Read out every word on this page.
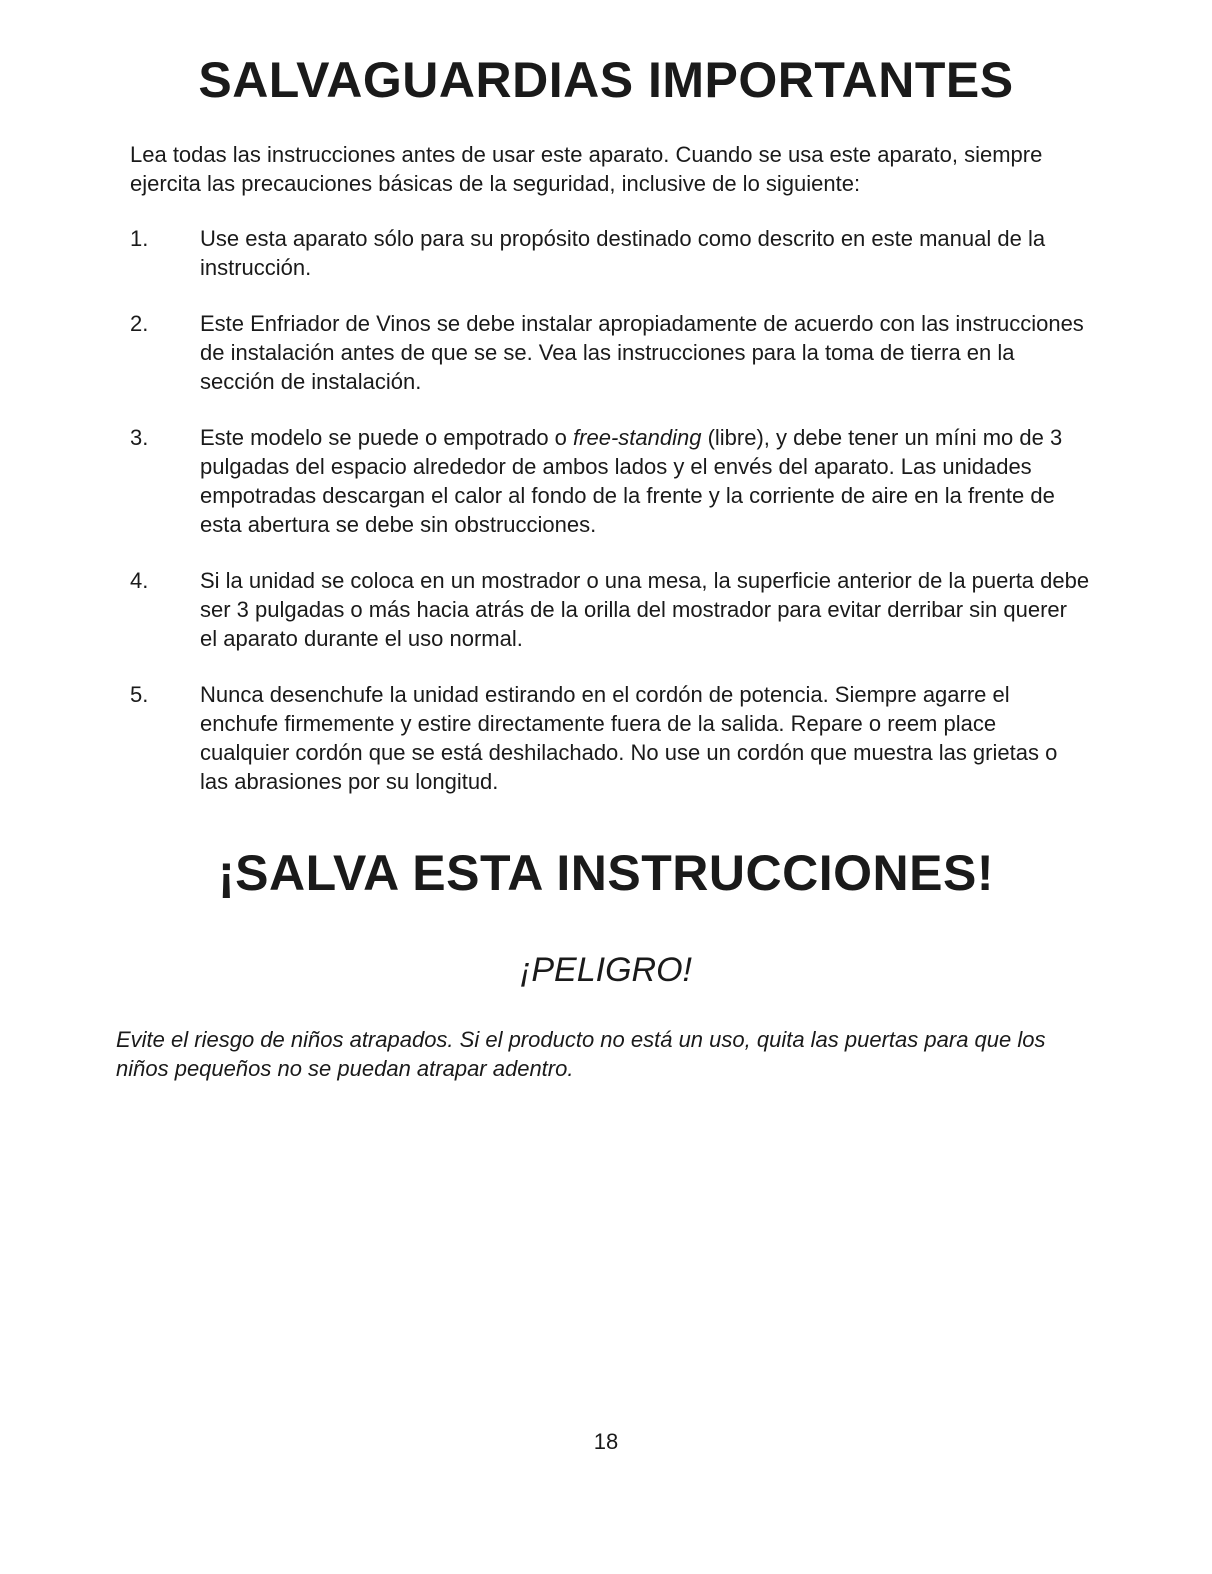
SALVAGUARDIAS IMPORTANTES

Lea todas las instrucciones antes de usar este aparato. Cuando se usa este aparato, siempre ejercita las precauciones básicas de la seguridad, inclusive de lo siguiente:

1. Use esta aparato sólo para su propósito destinado como descrito en este manual de la instrucción.
2. Este Enfriador de Vinos se debe instalar apropiadamente de acuerdo con las instrucciones de instalación antes de que se se. Vea las instrucciones para la toma de tierra en la sección de instalación.
3. Este modelo se puede o empotrado o free-standing (libre), y debe tener un míni mo de 3 pulgadas del espacio alrededor de ambos lados y el envés del aparato. Las unidades empotradas descargan el calor al fondo de la frente y la corriente de aire en la frente de esta abertura se debe sin obstrucciones.
4. Si la unidad se coloca en un mostrador o una mesa, la superficie anterior de la puerta debe ser 3 pulgadas o más hacia atrás de la orilla del mostrador para evitar derribar sin querer el aparato durante el uso normal.
5. Nunca desenchufe la unidad estirando en el cordón de potencia. Siempre agarre el enchufe firmemente y estire directamente fuera de la salida. Repare o reem place cualquier cordón que se está deshilachado. No use un cordón que muestra las grietas o las abrasiones por su longitud.
¡SALVA ESTA INSTRUCCIONES!
¡PELIGRO!

Evite el riesgo de niños atrapados. Si el producto no está un uso, quita las puertas para que los niños pequeños no se puedan atrapar adentro.

18
